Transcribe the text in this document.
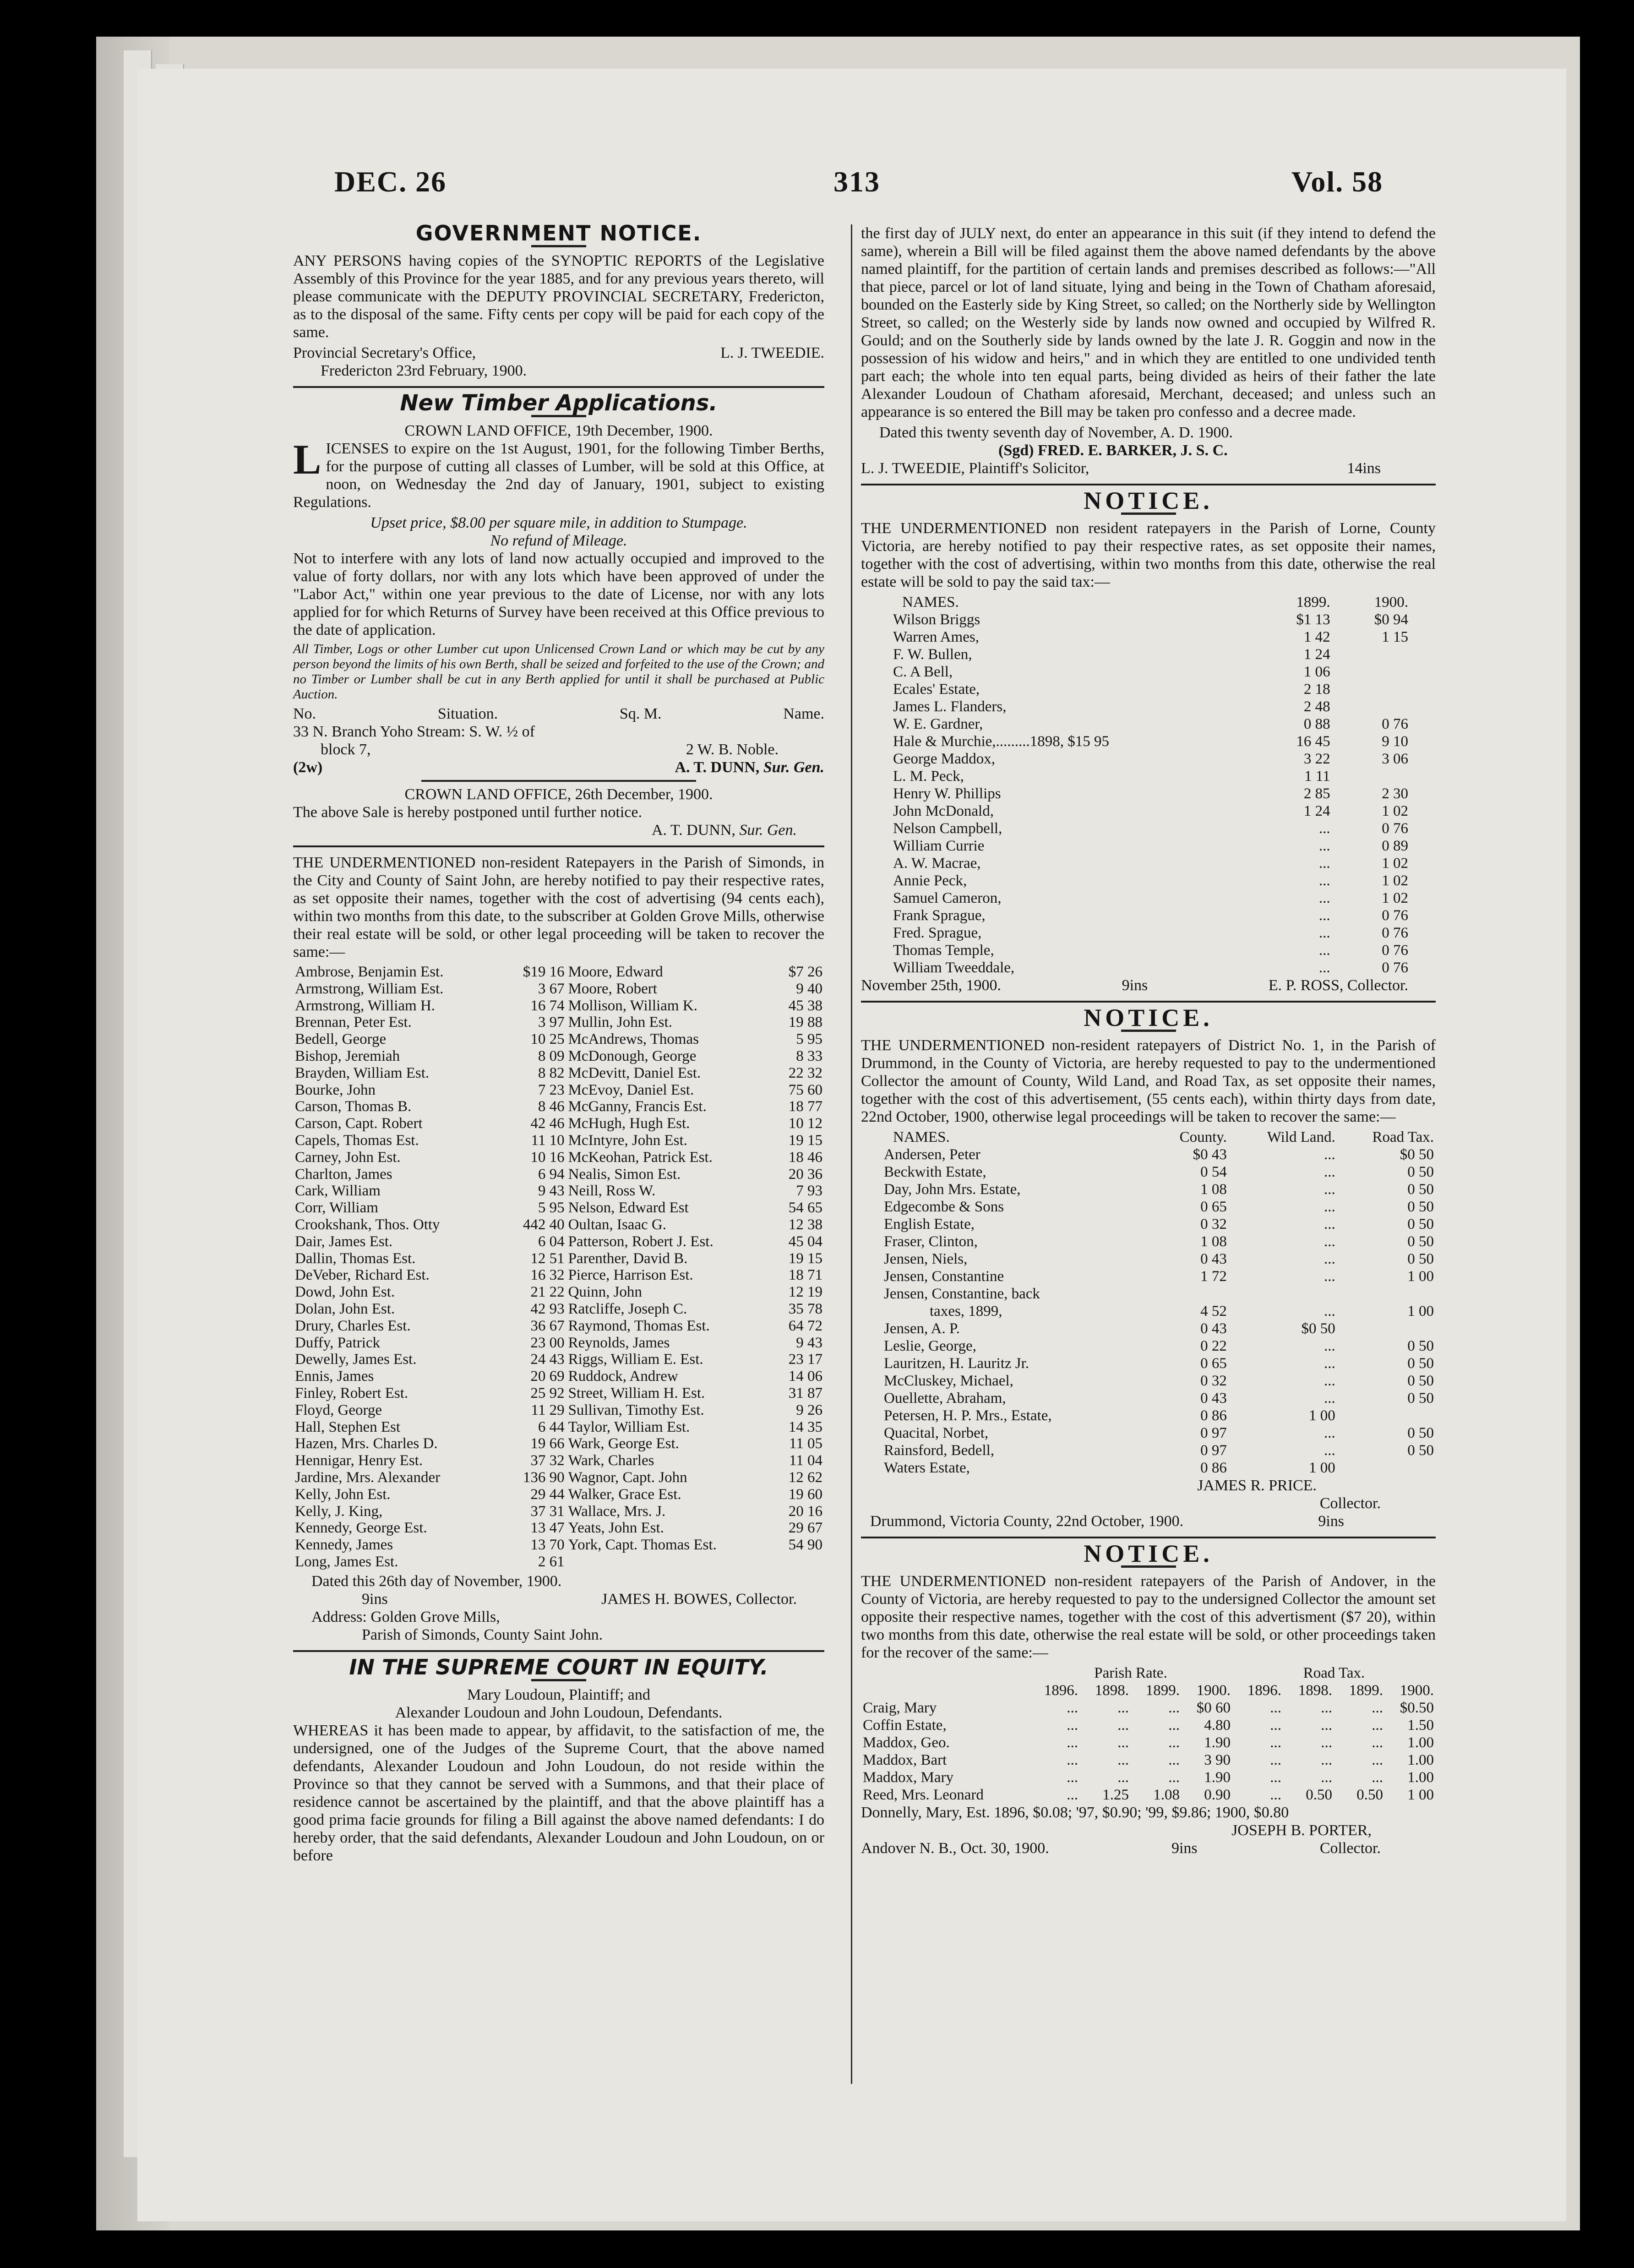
DEC. 26	313	Vol. 58
GOVERNMENT NOTICE.

ANY PERSONS having copies of the SYNOPTIC REPORTS of the Legislative Assembly of this Province for the year 1885, and for any previous years thereto, will please communicate with the DEPUTY PROVINCIAL SECRETARY, Fredericton, as to the disposal of the same. Fifty cents per copy will be paid for each copy of the same.

Provincial Secretary's Office,	L. J. TWEEDIE.
Fredericton 23rd February, 1900.
New Timber Applications.
CROWN LAND OFFICE, 19th December, 1900.

LICENSES to expire on the 1st August, 1901, for the following Timber Berths, for the purpose of cutting all classes of Lumber, will be sold at this Office, at noon, on Wednesday the 2nd day of January, 1901, subject to existing Regulations.

Upset price, $8.00 per square mile, in addition to Stumpage.
No refund of Mileage.

Not to interfere with any lots of land now actually occupied and improved to the value of forty dollars, nor with any lots which have been approved of under the "Labor Act," within one year previous to the date of License, nor with any lots applied for for which Returns of Survey have been received at this Office previous to the date of application.

All Timber, Logs or other Lumber cut upon Unlicensed Crown Land or which may be cut by any person beyond the limits of his own Berth, shall be seized and forfeited to the use of the Crown; and no Timber or Lumber shall be cut in any Berth applied for until it shall be purchased at Public Auction.

No.	Situation.	Sq. M.	Name.
33 N. Branch Yoho Stream: S. W. ½ of
block 7,	2 W. B. Noble.
(2w)	A. T. DUNN, Sur. Gen.
CROWN LAND OFFICE, 26th December, 1900.
The above Sale is hereby postponed until further notice.
A. T. DUNN, Sur. Gen.

THE UNDERMENTIONED non-resident Ratepayers in the Parish of Simonds, in the City and County of Saint John, are hereby notified to pay their respective rates, as set opposite their names, together with the cost of advertising (94 cents each), within two months from this date, to the subscriber at Golden Grove Mills, otherwise their real estate will be sold, or other legal proceeding will be taken to recover the same:—

Ambrose, Benjamin Est.	$19 16	Moore, Edward	$7 26
Armstrong, William Est.	3 67	Moore, Robert	9 40
Armstrong, William H.	16 74	Mollison, William K.	45 38
Brennan, Peter Est.	3 97	Mullin, John Est.	19 88
Bedell, George	10 25	McAndrews, Thomas	5 95
Bishop, Jeremiah	8 09	McDonough, George	8 33
Brayden, William Est.	8 82	McDevitt, Daniel Est.	22 32
Bourke, John	7 23	McEvoy, Daniel Est.	75 60
Carson, Thomas B.	8 46	McGanny, Francis Est.	18 77
Carson, Capt. Robert	42 46	McHugh, Hugh Est.	10 12
Capels, Thomas Est.	11 10	McIntyre, John Est.	19 15
Carney, John Est.	10 16	McKeohan, Patrick Est.	18 46
Charlton, James	6 94	Nealis, Simon Est.	20 36
Cark, William	9 43	Neill, Ross W.	7 93
Corr, William	5 95	Nelson, Edward Est	54 65
Crookshank, Thos. Otty	442 40	Oultan, Isaac G.	12 38
Dair, James Est.	6 04	Patterson, Robert J. Est.	45 04
Dallin, Thomas Est.	12 51	Parenther, David B.	19 15
DeVeber, Richard Est.	16 32	Pierce, Harrison Est.	18 71
Dowd, John Est.	21 22	Quinn, John	12 19
Dolan, John Est.	42 93	Ratcliffe, Joseph C.	35 78
Drury, Charles Est.	36 67	Raymond, Thomas Est.	64 72
Duffy, Patrick	23 00	Reynolds, James	9 43
Dewelly, James Est.	24 43	Riggs, William E. Est.	23 17
Ennis, James	20 69	Ruddock, Andrew	14 06
Finley, Robert Est.	25 92	Street, William H. Est.	31 87
Floyd, George	11 29	Sullivan, Timothy Est.	9 26
Hall, Stephen Est	6 44	Taylor, William Est.	14 35
Hazen, Mrs. Charles D.	19 66	Wark, George Est.	11 05
Hennigar, Henry Est.	37 32	Wark, Charles	11 04
Jardine, Mrs. Alexander	136 90	Wagnor, Capt. John	12 62
Kelly, John Est.	29 44	Walker, Grace Est.	19 60
Kelly, J. King,	37 31	Wallace, Mrs. J.	20 16
Kennedy, George Est.	13 47	Yeats, John Est.	29 67
Kennedy, James	13 70	York, Capt. Thomas Est.	54 90
Long, James Est.	2 61		
Dated this 26th day of November, 1900.
9ins	JAMES H. BOWES, Collector.
Address: Golden Grove Mills,
Parish of Simonds, County Saint John.
IN THE SUPREME COURT IN EQUITY.
Mary Loudoun, Plaintiff; and
Alexander Loudoun and John Loudoun, Defendants.

WHEREAS it has been made to appear, by affidavit, to the satisfaction of me, the undersigned, one of the Judges of the Supreme Court, that the above named defendants, Alexander Loudoun and John Loudoun, do not reside within the Province so that they cannot be served with a Summons, and that their place of residence cannot be ascertained by the plaintiff, and that the above plaintiff has a good prima facie grounds for filing a Bill against the above named defendants: I do hereby order, that the said defendants, Alexander Loudoun and John Loudoun, on or before

the first day of JULY next, do enter an appearance in this suit (if they intend to defend the same), wherein a Bill will be filed against them the above named defendants by the above named plaintiff, for the partition of certain lands and premises described as follows:—"All that piece, parcel or lot of land situate, lying and being in the Town of Chatham aforesaid, bounded on the Easterly side by King Street, so called; on the Northerly side by Wellington Street, so called; on the Westerly side by lands now owned and occupied by Wilfred R. Gould; and on the Southerly side by lands owned by the late J. R. Goggin and now in the possession of his widow and heirs," and in which they are entitled to one undivided tenth part each; the whole into ten equal parts, being divided as heirs of their father the late Alexander Loudoun of Chatham aforesaid, Merchant, deceased; and unless such an appearance is so entered the Bill may be taken pro confesso and a decree made.

Dated this twenty seventh day of November, A. D. 1900.
(Sgd) FRED. E. BARKER, J. S. C.
L. J. TWEEDIE, Plaintiff's Solicitor,	14ins
NOTICE.

THE UNDERMENTIONED non resident ratepayers in the Parish of Lorne, County Victoria, are hereby notified to pay their respective rates, as set opposite their names, together with the cost of advertising, within two months from this date, otherwise the real estate will be sold to pay the said tax:—

NAMES.	1899.	1900.
Wilson Briggs	$1 13	$0 94
Warren Ames,	1 42	1 15
F. W. Bullen,	1 24	
C. A Bell,	1 06	
Ecales' Estate,	2 18	
James L. Flanders,	2 48	
W. E. Gardner,	0 88	0 76
Hale & Murchie,.........1898, $15 95	16 45	9 10
George Maddox,	3 22	3 06
L. M. Peck,	1 11	
Henry W. Phillips	2 85	2 30
John McDonald,	1 24	1 02
Nelson Campbell,	...	0 76
William Currie	...	0 89
A. W. Macrae,	...	1 02
Annie Peck,	...	1 02
Samuel Cameron,	...	1 02
Frank Sprague,	...	0 76
Fred. Sprague,	...	0 76
Thomas Temple,	...	0 76
William Tweeddale,	...	0 76
November 25th, 1900.	9ins	E. P. ROSS, Collector.
NOTICE.

THE UNDERMENTIONED non-resident ratepayers of District No. 1, in the Parish of Drummond, in the County of Victoria, are hereby requested to pay to the undermentioned Collector the amount of County, Wild Land, and Road Tax, as set opposite their names, together with the cost of this advertisement, (55 cents each), within thirty days from date, 22nd October, 1900, otherwise legal proceedings will be taken to recover the same:—

NAMES.	County.	Wild Land.	Road Tax.
Andersen, Peter	$0 43	...	$0 50
Beckwith Estate,	0 54	...	0 50
Day, John Mrs. Estate,	1 08	...	0 50
Edgecombe & Sons	0 65	...	0 50
English Estate,	0 32	...	0 50
Fraser, Clinton,	1 08	...	0 50
Jensen, Niels,	0 43	...	0 50
Jensen, Constantine	1 72	...	1 00
Jensen, Constantine, back			
taxes, 1899,	4 52	...	1 00
Jensen, A. P.	0 43	$0 50	
Leslie, George,	0 22	...	0 50
Lauritzen, H. Lauritz Jr.	0 65	...	0 50
McCluskey, Michael,	0 32	...	0 50
Ouellette, Abraham,	0 43	...	0 50
Petersen, H. P. Mrs., Estate,	0 86	1 00	
Quacital, Norbet,	0 97	...	0 50
Rainsford, Bedell,	0 97	...	0 50
Waters Estate,	0 86	1 00	
JAMES R. PRICE.
Collector.
Drummond, Victoria County, 22nd October, 1900.	9ins
NOTICE.

THE UNDERMENTIONED non-resident ratepayers of the Parish of Andover, in the County of Victoria, are hereby requested to pay to the undersigned Collector the amount set opposite their respective names, together with the cost of this advertisment ($7 20), within two months from this date, otherwise the real estate will be sold, or other proceedings taken for the recover of the same:—

	Parish Rate.				Road Tax.			
	1896.	1898.	1899.	1900.	1896.	1898.	1899.	1900.
Craig, Mary	...	...	...	$0 60	...	...	...	$0.50
Coffin Estate,	...	...	...	4.80	...	...	...	1.50
Maddox, Geo.	...	...	...	1.90	...	...	...	1.00
Maddox, Bart	...	...	...	3 90	...	...	...	1.00
Maddox, Mary	...	...	...	1.90	...	...	...	1.00
Reed, Mrs. Leonard	...	1.25	1.08	0.90	...	0.50	0.50	1 00
Donnelly, Mary, Est. 1896, $0.08; '97, $0.90; '99, $9.86; 1900, $0.80
JOSEPH B. PORTER,
Andover N. B., Oct. 30, 1900.	9ins	Collector.
